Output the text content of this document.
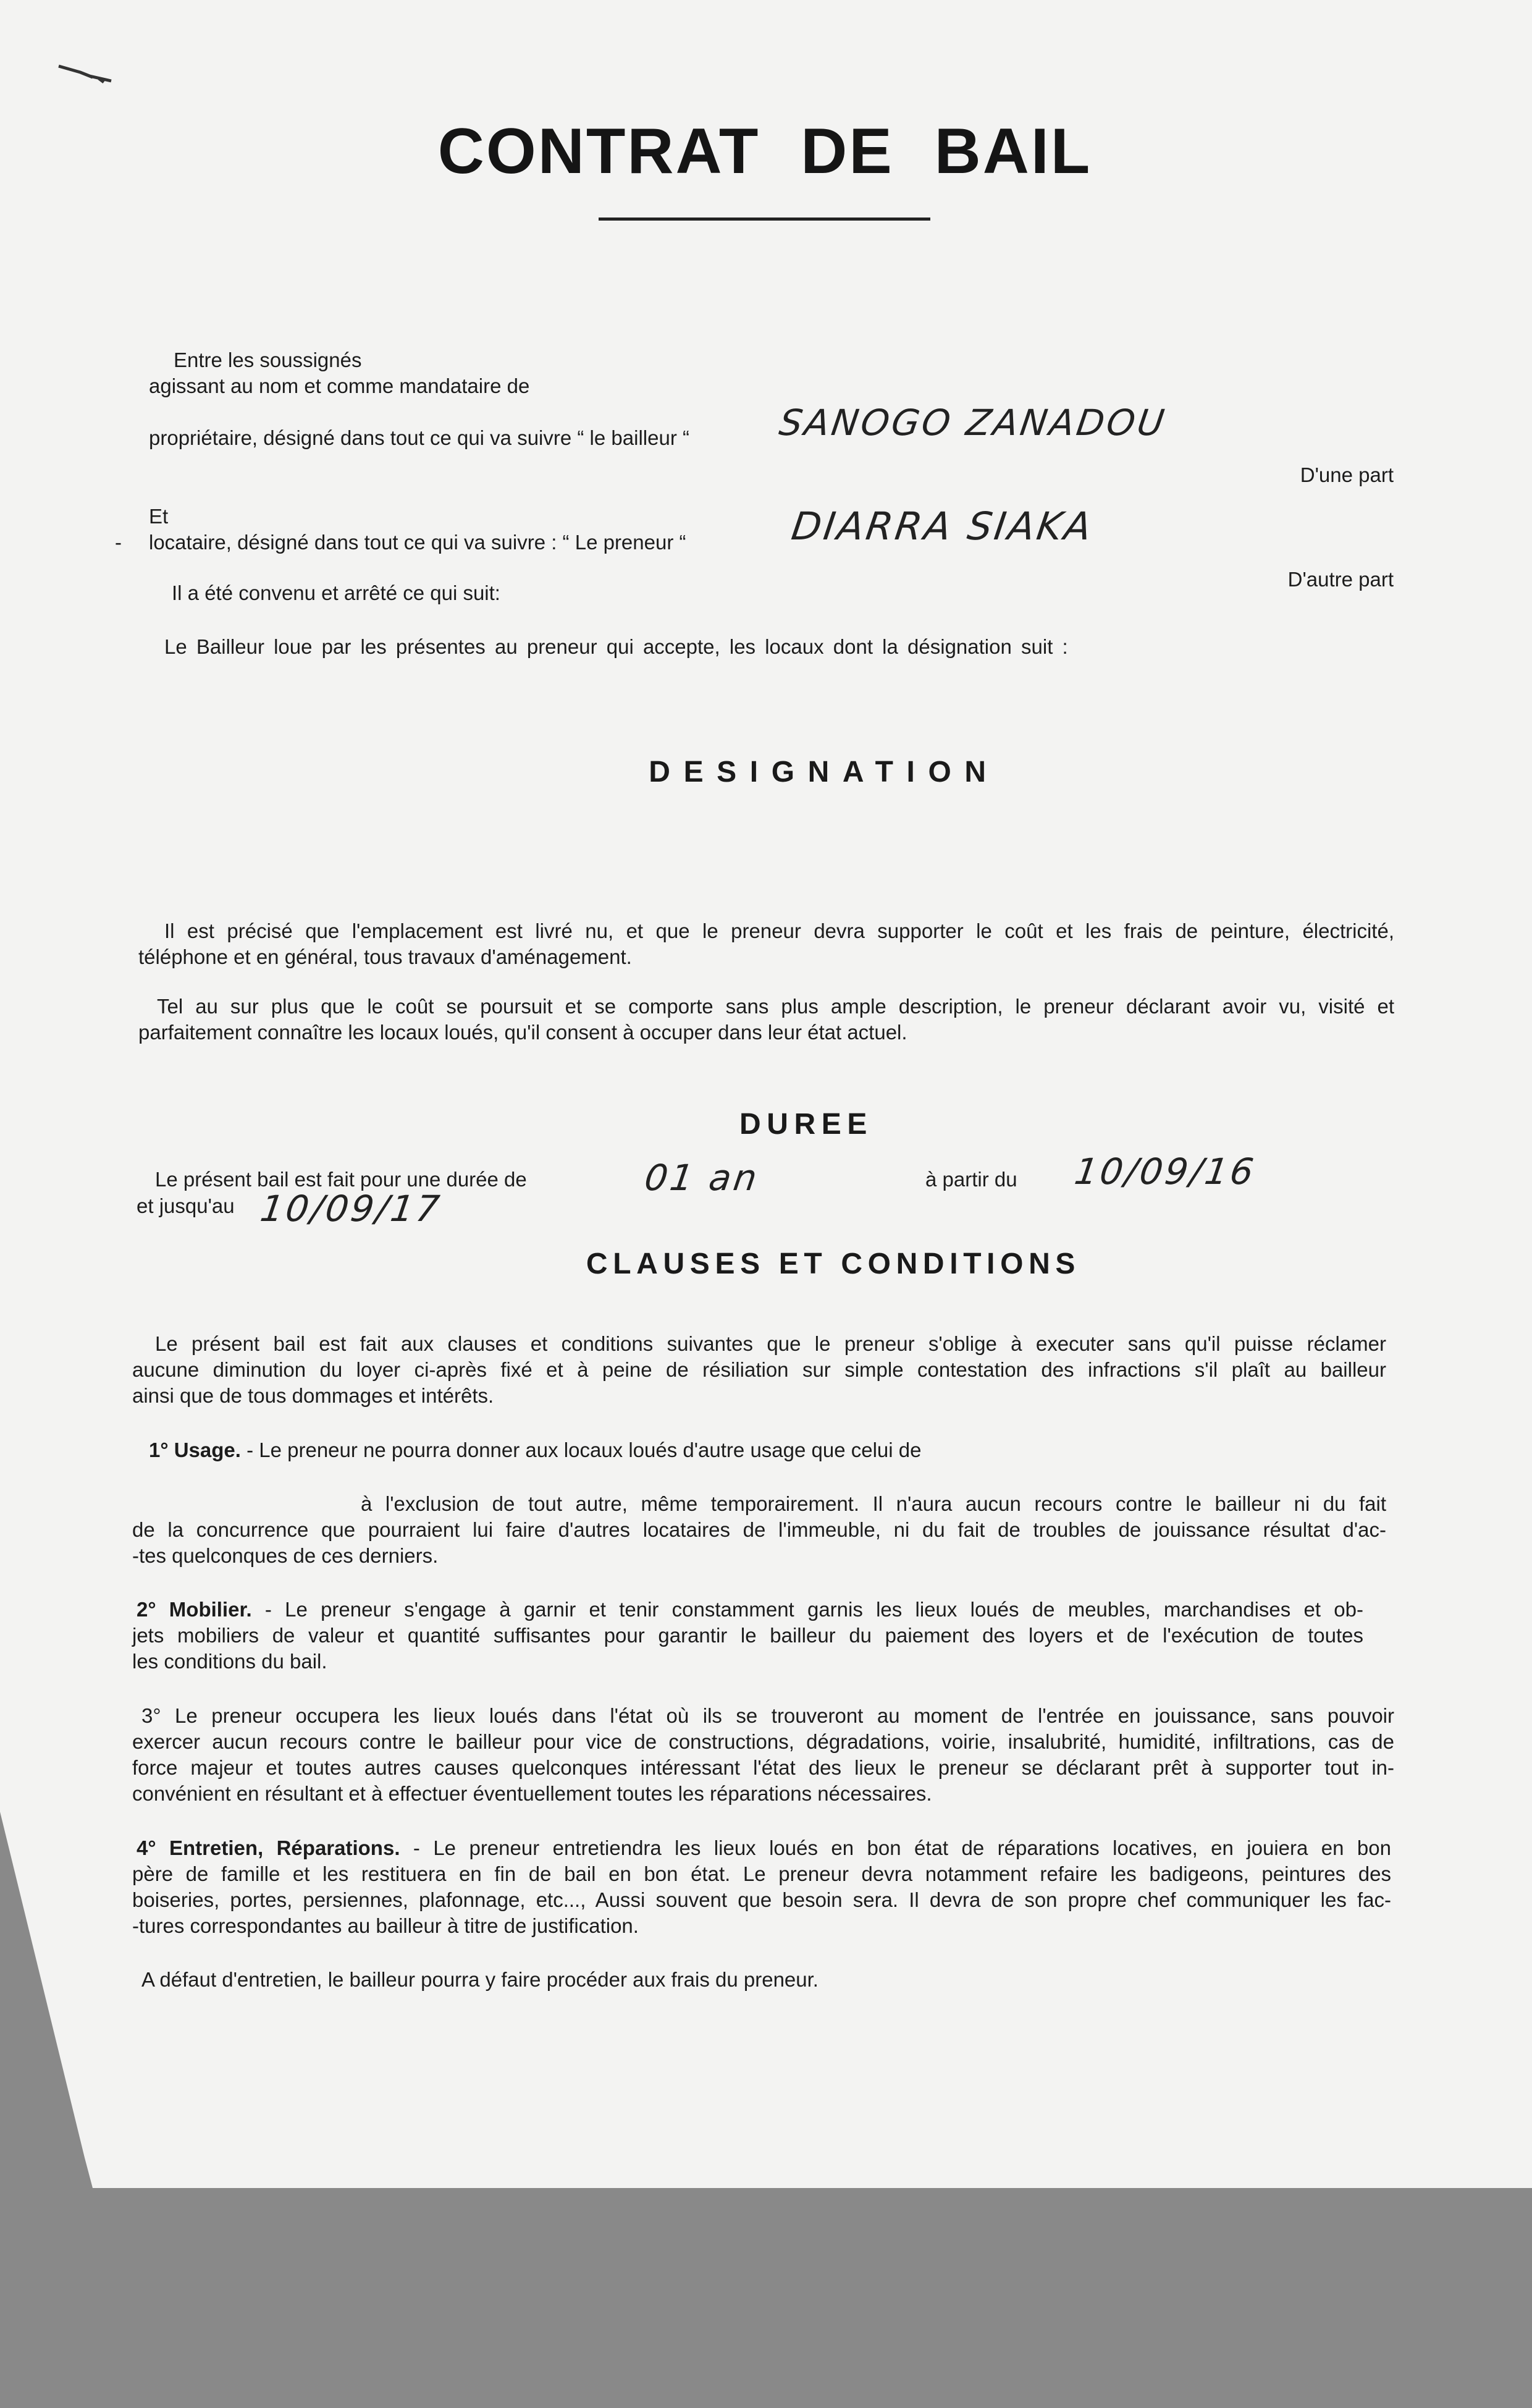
CONTRAT DE BAIL
Entre les soussignés
agissant au nom et comme mandataire de
propriétaire, désigné dans tout ce qui va suivre “ le bailleur “ SANOGO ZANADOU
D'une part
Et
- locataire, désigné dans tout ce qui va suivre : “ Le preneur “	DIARRA SIAKA
D'autre part
Il a été convenu et arrêté ce qui suit:
Le Bailleur loue par les présentes au preneur qui accepte, les locaux dont la désignation suit :
DESIGNATION
Il est précisé que l'emplacement est livré nu, et que le preneur devra supporter le coût et les frais de peinture, électricité,
téléphone et en général, tous travaux d'aménagement.
Tel au sur plus que le coût se poursuit et se comporte sans plus ample description, le preneur déclarant avoir vu, visité et
parfaitement connaître les locaux loués, qu'il consent à occuper dans leur état actuel.
DUREE
Le présent bail est fait pour une durée de	01 an	à partir du 10/09/16
et jusqu'au 10/09/17
CLAUSES ET CONDITIONS
Le présent bail est fait aux clauses et conditions suivantes que le preneur s'oblige à executer sans qu'il puisse réclamer
aucune diminution du loyer ci-après fixé et à peine de résiliation sur simple contestation des infractions s'il plaît au bailleur
ainsi que de tous dommages et intérêts.
1° Usage. - Le preneur ne pourra donner aux locaux loués d'autre usage que celui de
à l'exclusion de tout autre, même temporairement. Il n'aura aucun recours contre le bailleur ni du fait
de la concurrence que pourraient lui faire d'autres locataires de l'immeuble, ni du fait de troubles de jouissance résultat d'ac-
-tes quelconques de ces derniers.
2° Mobilier. - Le preneur s'engage à garnir et tenir constamment garnis les lieux loués de meubles, marchandises et ob-
jets mobiliers de valeur et quantité suffisantes pour garantir le bailleur du paiement des loyers et de l'exécution de toutes
les conditions du bail.
3° Le preneur occupera les lieux loués dans l'état où ils se trouveront au moment de l'entrée en jouissance, sans pouvoir
exercer aucun recours contre le bailleur pour vice de constructions, dégradations, voirie, insalubrité, humidité, infiltrations, cas de
force majeur et toutes autres causes quelconques intéressant l'état des lieux le preneur se déclarant prêt à supporter tout in-
convénient en résultant et à effectuer éventuellement toutes les réparations nécessaires.
4° Entretien, Réparations. - Le preneur entretiendra les lieux loués en bon état de réparations locatives, en jouiera en bon
père de famille et les restituera en fin de bail en bon état. Le preneur devra notamment refaire les badigeons, peintures des
boiseries, portes, persiennes, plafonnage, etc..., Aussi souvent que besoin sera. Il devra de son propre chef communiquer les fac-
-tures correspondantes au bailleur à titre de justification.
A défaut d'entretien, le bailleur pourra y faire procéder aux frais du preneur.
